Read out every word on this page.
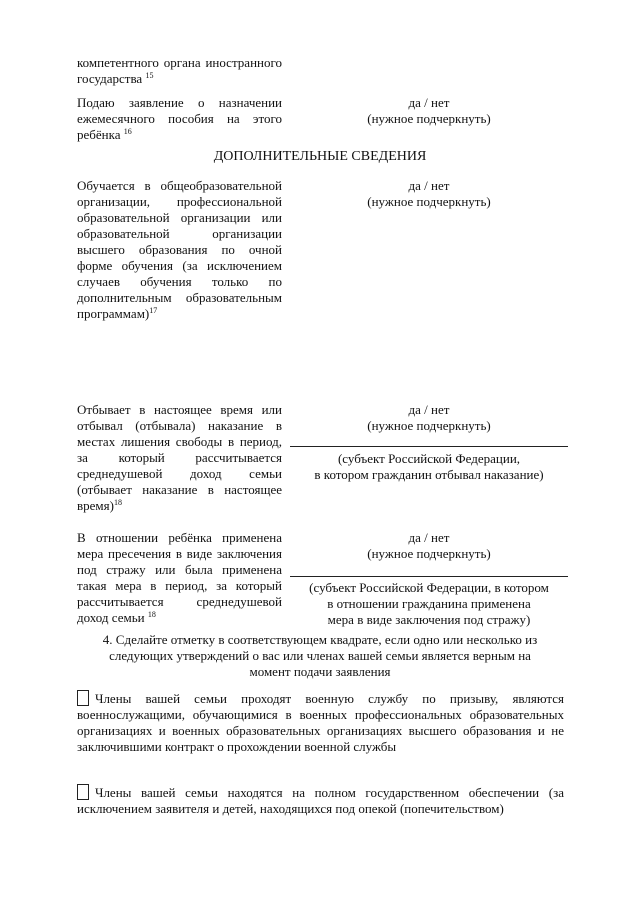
компетентного органа иностранного государства $^{15}$
Подаю заявление о назначении ежемесячного пособия на этого ребёнка $^{16}$
да / нет
(нужное подчеркнуть)
ДОПОЛНИТЕЛЬНЫЕ СВЕДЕНИЯ
Обучается в общеобразовательной организации, профессиональной образовательной организации или образовательной организации высшего образования по очной форме обучения (за исключением случаев обучения только по дополнительным образовательным программам)$^{17}$
да / нет
(нужное подчеркнуть)
Отбывает в настоящее время или отбывал (отбывала) наказание в местах лишения свободы в период, за который рассчитывается среднедушевой доход семьи (отбывает наказание в настоящее время)$^{18}$
да / нет
(нужное подчеркнуть)
(субъект Российской Федерации,
в котором гражданин отбывал наказание)
В отношении ребёнка применена мера пресечения в виде заключения под стражу или была применена такая мера в период, за который рассчитывается среднедушевой доход семьи $^{18}$
да / нет
(нужное подчеркнуть)
(субъект Российской Федерации, в котором
в отношении гражданина применена
мера в виде заключения под стражу)
4. Сделайте отметку в соответствующем квадрате, если одно или несколько из следующих утверждений о вас или членах вашей семьи является верным на момент подачи заявления
Члены вашей семьи проходят военную службу по призыву, являются военнослужащими, обучающимися в военных профессиональных образовательных организациях и военных образовательных организациях высшего образования и не заключившими контракт о прохождении военной службы
Члены вашей семьи находятся на полном государственном обеспечении (за исключением заявителя и детей, находящихся под опекой (попечительством)
